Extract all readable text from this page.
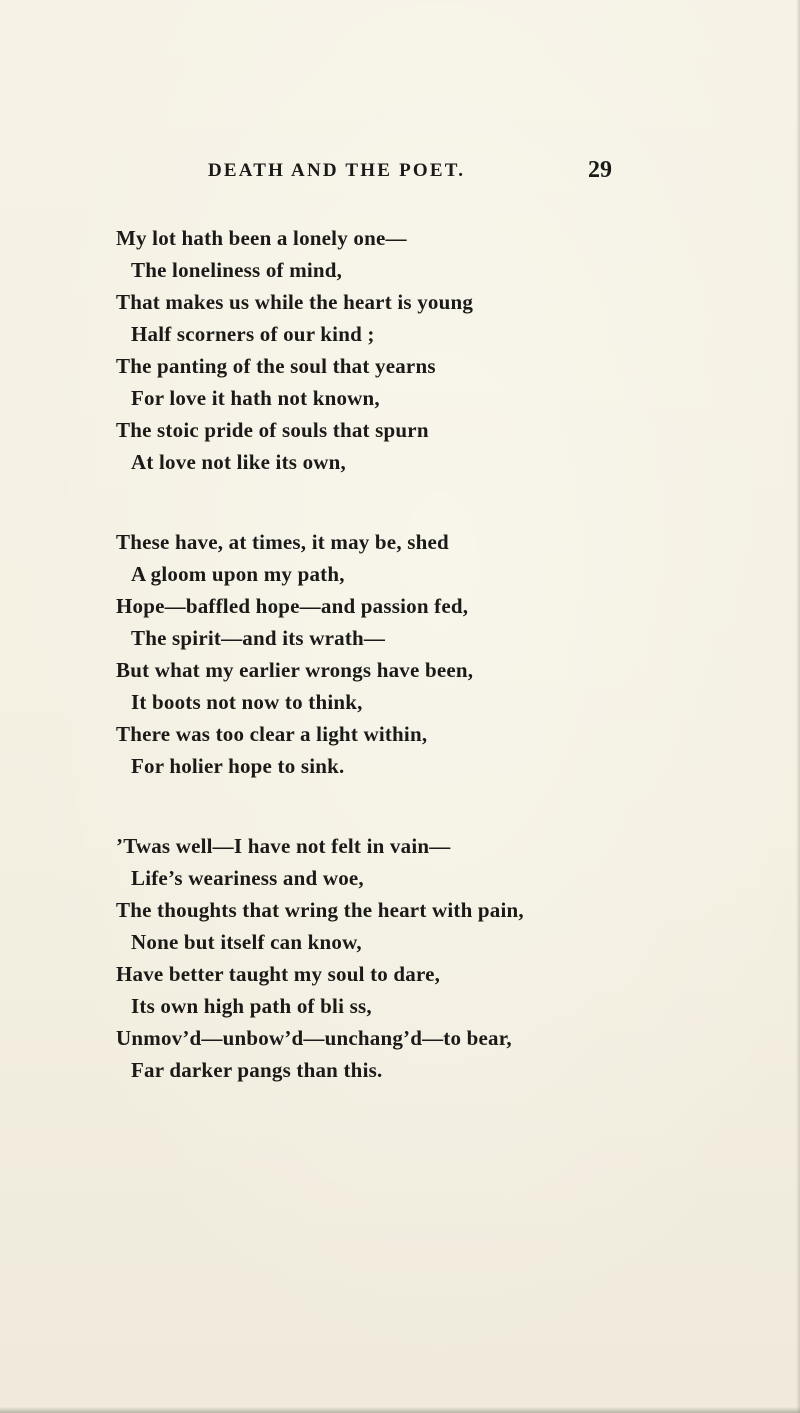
DEATH AND THE POET.	29
My lot hath been a lonely one—
The loneliness of mind,
That makes us while the heart is young
Half scorners of our kind ;
The panting of the soul that yearns
For love it hath not known,
The stoic pride of souls that spurn
At love not like its own,
These have, at times, it may be, shed
A gloom upon my path,
Hope—baffled hope—and passion fed,
The spirit—and its wrath—
But what my earlier wrongs have been,
It boots not now to think,
There was too clear a light within,
For holier hope to sink.
’Twas well—I have not felt in vain—
Life’s weariness and woe,
The thoughts that wring the heart with pain,
None but itself can know,
Have better taught my soul to dare,
Its own high path of bli ss,
Unmov’d—unbow’d—unchang’d—to bear,
Far darker pangs than this.
